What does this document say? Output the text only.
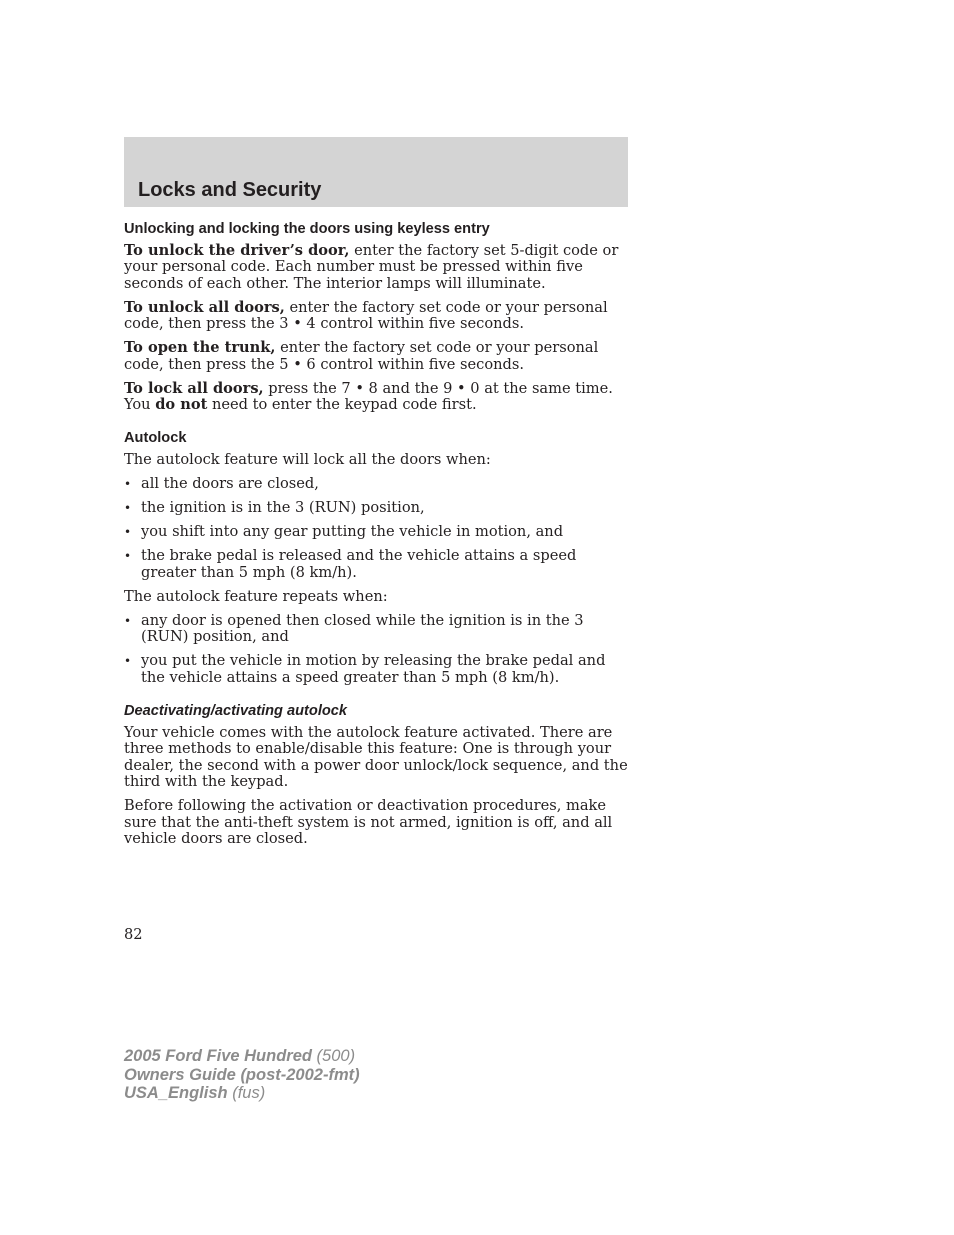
Locks and Security
Unlocking and locking the doors using keyless entry

To unlock the driver’s door, enter the factory set 5-digit code or your personal code. Each number must be pressed within five seconds of each other. The interior lamps will illuminate.

To unlock all doors, enter the factory set code or your personal code, then press the 3 • 4 control within five seconds.

To open the trunk, enter the factory set code or your personal code, then press the 5 • 6 control within five seconds.

To lock all doors, press the 7 • 8 and the 9 • 0 at the same time. You do not need to enter the keypad code first.

Autolock

The autolock feature will lock all the doors when:

• all the doors are closed,
• the ignition is in the 3 (RUN) position,
• you shift into any gear putting the vehicle in motion, and
• the brake pedal is released and the vehicle attains a speed greater than 5 mph (8 km/h).

The autolock feature repeats when:

• any door is opened then closed while the ignition is in the 3 (RUN) position, and
• you put the vehicle in motion by releasing the brake pedal and the vehicle attains a speed greater than 5 mph (8 km/h).
Deactivating/activating autolock

Your vehicle comes with the autolock feature activated. There are three methods to enable/disable this feature: One is through your dealer, the second with a power door unlock/lock sequence, and the third with the keypad.

Before following the activation or deactivation procedures, make sure that the anti-theft system is not armed, ignition is off, and all vehicle doors are closed.

82
2005 Ford Five Hundred (500)
Owners Guide (post-2002-fmt)
USA_English (fus)
